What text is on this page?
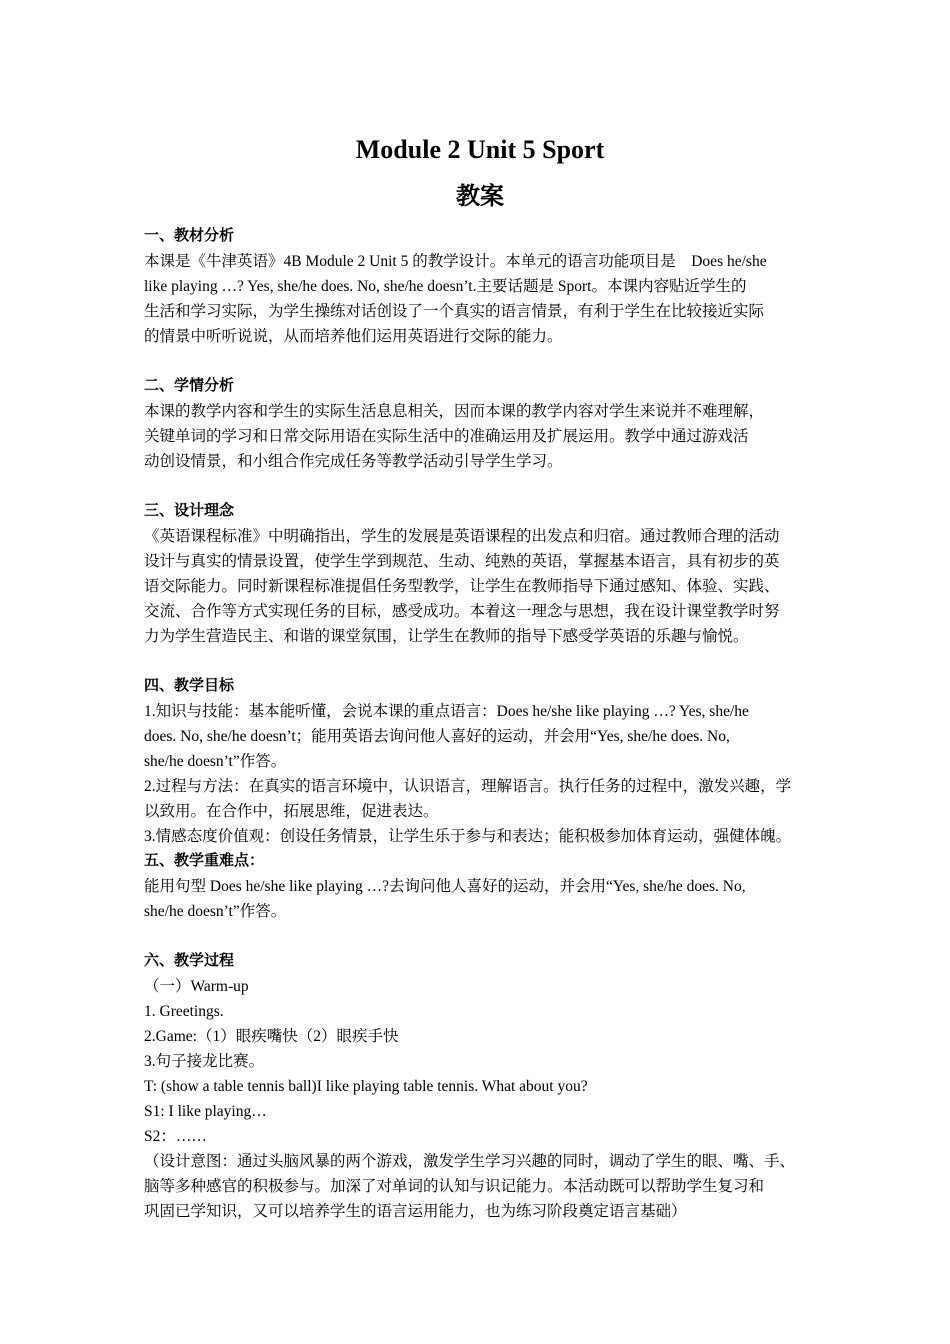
Module 2 Unit 5 Sport
教案

一、教材分析

本课是《牛津英语》4B Module 2 Unit 5 的教学设计。本单元的语言功能项目是　Does he/she

like playing …? Yes, she/he does. No, she/he doesn’t.主要话题是 Sport。本课内容贴近学生的

生活和学习实际，为学生操练对话创设了一个真实的语言情景，有利于学生在比较接近实际

的情景中听听说说，从而培养他们运用英语进行交际的能力。

二、学情分析

本课的教学内容和学生的实际生活息息相关，因而本课的教学内容对学生来说并不难理解，

关键单词的学习和日常交际用语在实际生活中的准确运用及扩展运用。教学中通过游戏活

动创设情景，和小组合作完成任务等教学活动引导学生学习。

三、设计理念

《英语课程标准》中明确指出，学生的发展是英语课程的出发点和归宿。通过教师合理的活动

设计与真实的情景设置，使学生学到规范、生动、纯熟的英语，掌握基本语言，具有初步的英

语交际能力。同时新课程标准提倡任务型教学，让学生在教师指导下通过感知、体验、实践、

交流、合作等方式实现任务的目标，感受成功。本着这一理念与思想，我在设计课堂教学时努

力为学生营造民主、和谐的课堂氛围，让学生在教师的指导下感受学英语的乐趣与愉悦。

四、教学目标

1.知识与技能：基本能听懂，会说本课的重点语言：Does he/she like playing …? Yes, she/he

does. No, she/he doesn’t；能用英语去询问他人喜好的运动，并会用“Yes, she/he does. No,

she/he doesn’t”作答。

2.过程与方法：在真实的语言环境中，认识语言，理解语言。执行任务的过程中，激发兴趣，学

以致用。在合作中，拓展思维，促进表达。

3.情感态度价值观：创设任务情景，让学生乐于参与和表达；能积极参加体育运动，强健体魄。

五、教学重难点：

能用句型 Does he/she like playing …?去询问他人喜好的运动，并会用“Yes, she/he does. No,

she/he doesn’t”作答。

六、教学过程

（一）Warm-up

1. Greetings.

2.Game:（1）眼疾嘴快（2）眼疾手快

3.句子接龙比赛。

T: (show a table tennis ball)I like playing table tennis. What about you?

S1: I like playing…

S2：……

（设计意图：通过头脑风暴的两个游戏，激发学生学习兴趣的同时，调动了学生的眼、嘴、手、

脑等多种感官的积极参与。加深了对单词的认知与识记能力。本活动既可以帮助学生复习和

巩固已学知识，又可以培养学生的语言运用能力，也为练习阶段奠定语言基础）
